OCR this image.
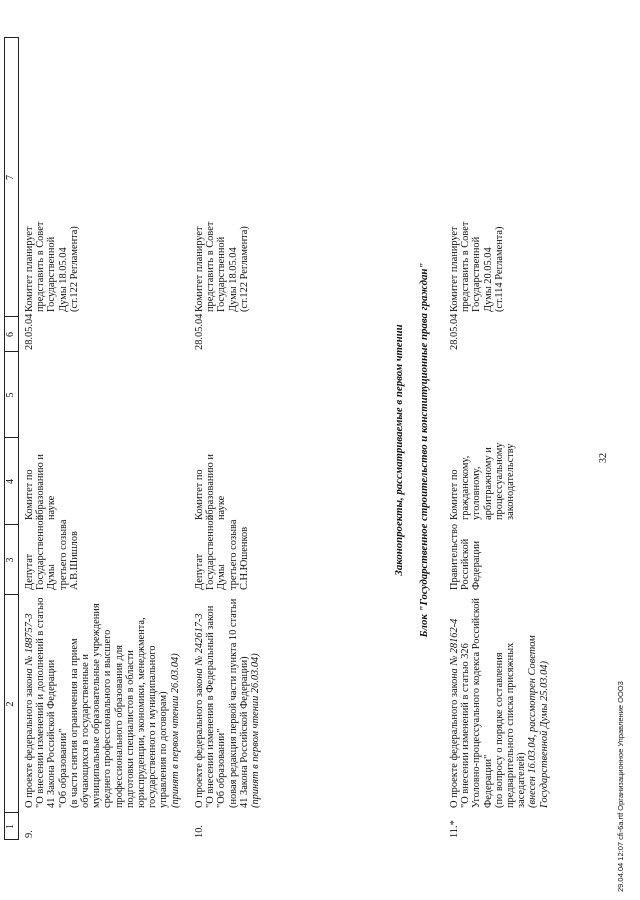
32
1
2
3
4
5
6
7
9.
О проекте федерального закона № 188757-3 "О внесении изменений и дополнений в статью 41 Закона Российской Федерации "Об образовании" (в части снятия ограничения на прием обучающихся в государственные и муниципальные образовательные учреждения среднего профессионального и высшего профессионального образования для подготовки специалистов в области юриспруденции, экономики, менеджмента, государственного и муниципального управления по договорам) (принят в первом чтении 26.03.04)
Депутат Государственной Думы третьего созыва А.В.Шишлов
Комитет по образованию и науке
28.05.04
Комитет планирует представить в Совет Государственной Думы 18.05.04 (ст.122 Регламента)
10.
О проекте федерального закона № 242617-3 "О внесении изменения в Федеральный закон "Об образовании" (новая редакция первой части пункта 10 статьи 41 Закона Российской Федерации) (принят в первом чтении 26.03.04)
Депутат Государственной Думы третьего созыва С.Н.Юшенков
Комитет по образованию и науке
28.05.04
Комитет планирует представить в Совет Государственной Думы 18.05.04 (ст.122 Регламента)
11.*
О проекте федерального закона № 28162-4 "О внесении изменений в статью 326 Уголовно-процессуального кодекса Российской Федерации" (по вопросу о порядке составления предварительного списка присяжных заседателей) (внесен 16.03.04, рассмотрен Советом Государственной Думы 25.03.04)
Правительство Российской Федерации
Комитет по гражданскому, уголовному, арбитражному и процессуальному законодательству
28.05.04
Комитет планирует представить в Совет Государственной Думы 20.05.04 (ст.114 Регламента)
Законопроекты, рассматриваемые в первом чтении Блок "Государственное строительство и конституционные права граждан"
29.04.04 12:07 cfi-6a.rtf Организационное Управление ООО3
